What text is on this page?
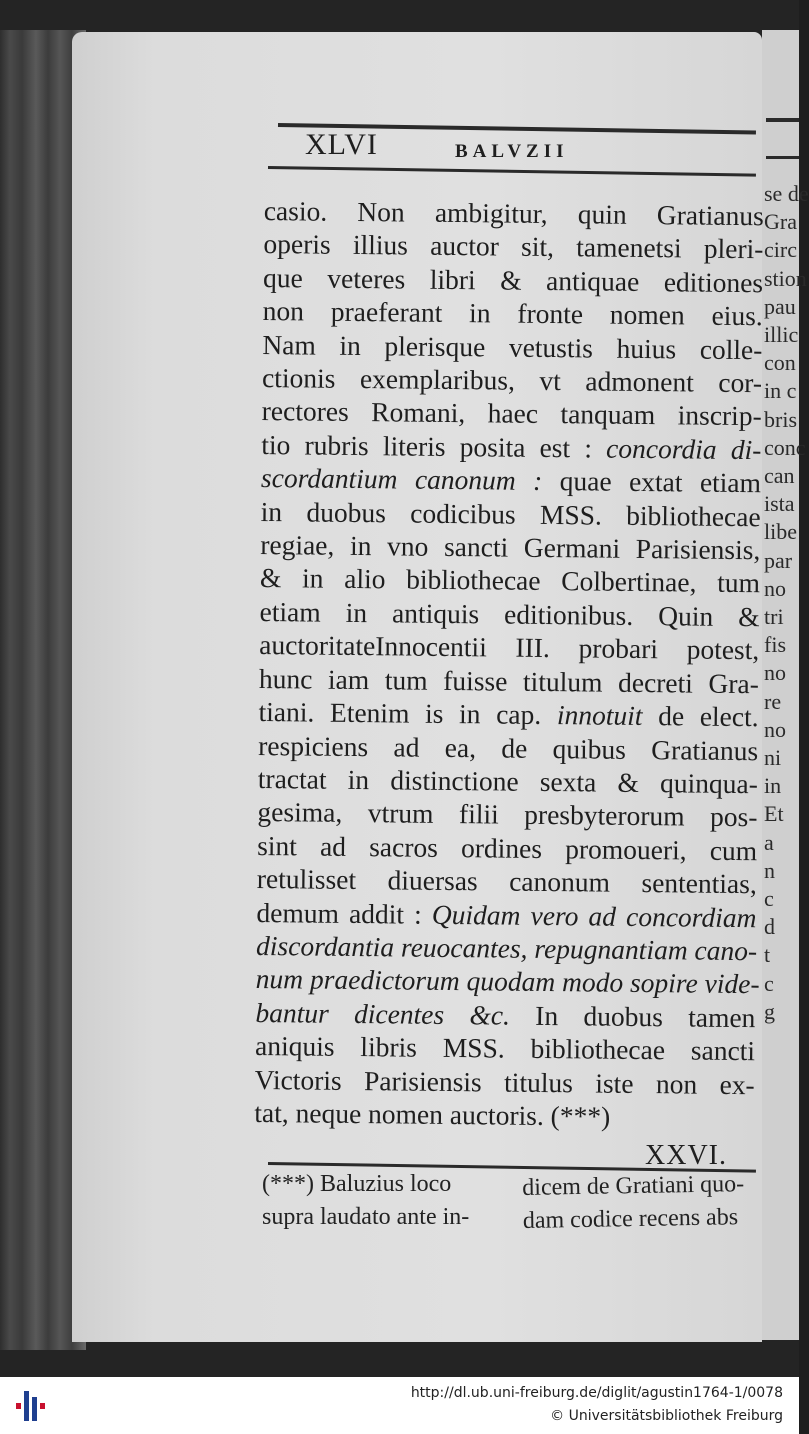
se de
Gra
circ
stion
pau
illic
con
in c
bris
conc
can
ista
libe
par
no
tri
fis
no
re
no
ni
in
Et
a
n
c
d
t
c
g
XLVI	BALVZII
casio. Non ambigitur, quin Gratianus
operis illius auctor sit, tamenetsi pleri-
que veteres libri & antiquae editiones
non praeferant in fronte nomen eius.
Nam in plerisque vetustis huius colle-
ctionis exemplaribus, vt admonent cor-
rectores Romani, haec tanquam inscrip-
tio rubris literis posita est : concordia di-
scordantium canonum : quae extat etiam
in duobus codicibus MSS. bibliothecae
regiae, in vno sancti Germani Parisiensis,
& in alio bibliothecae Colbertinae, tum
etiam in antiquis editionibus. Quin &
auctoritateInnocentii III. probari potest,
hunc iam tum fuisse titulum decreti Gra-
tiani. Etenim is in cap. innotuit de elect.
respiciens ad ea, de quibus Gratianus
tractat in distinctione sexta & quinqua-
gesima, vtrum filii presbyterorum pos-
sint ad sacros ordines promoueri, cum
retulisset diuersas canonum sententias,
demum addit : Quidam vero ad concordiam
discordantia reuocantes, repugnantiam cano-
num praedictorum quodam modo sopire vide-
bantur dicentes &c. In duobus tamen
aniquis libris MSS. bibliothecae sancti
Victoris Parisiensis titulus iste non ex-
tat, neque nomen auctoris. (***)
XXVI.
(***) Baluzius loco
supra laudato ante in-
dicem de Gratiani quo-
dam codice recens abs
http://dl.ub.uni-freiburg.de/diglit/agustin1764-1/0078
© Universitätsbibliothek Freiburg
